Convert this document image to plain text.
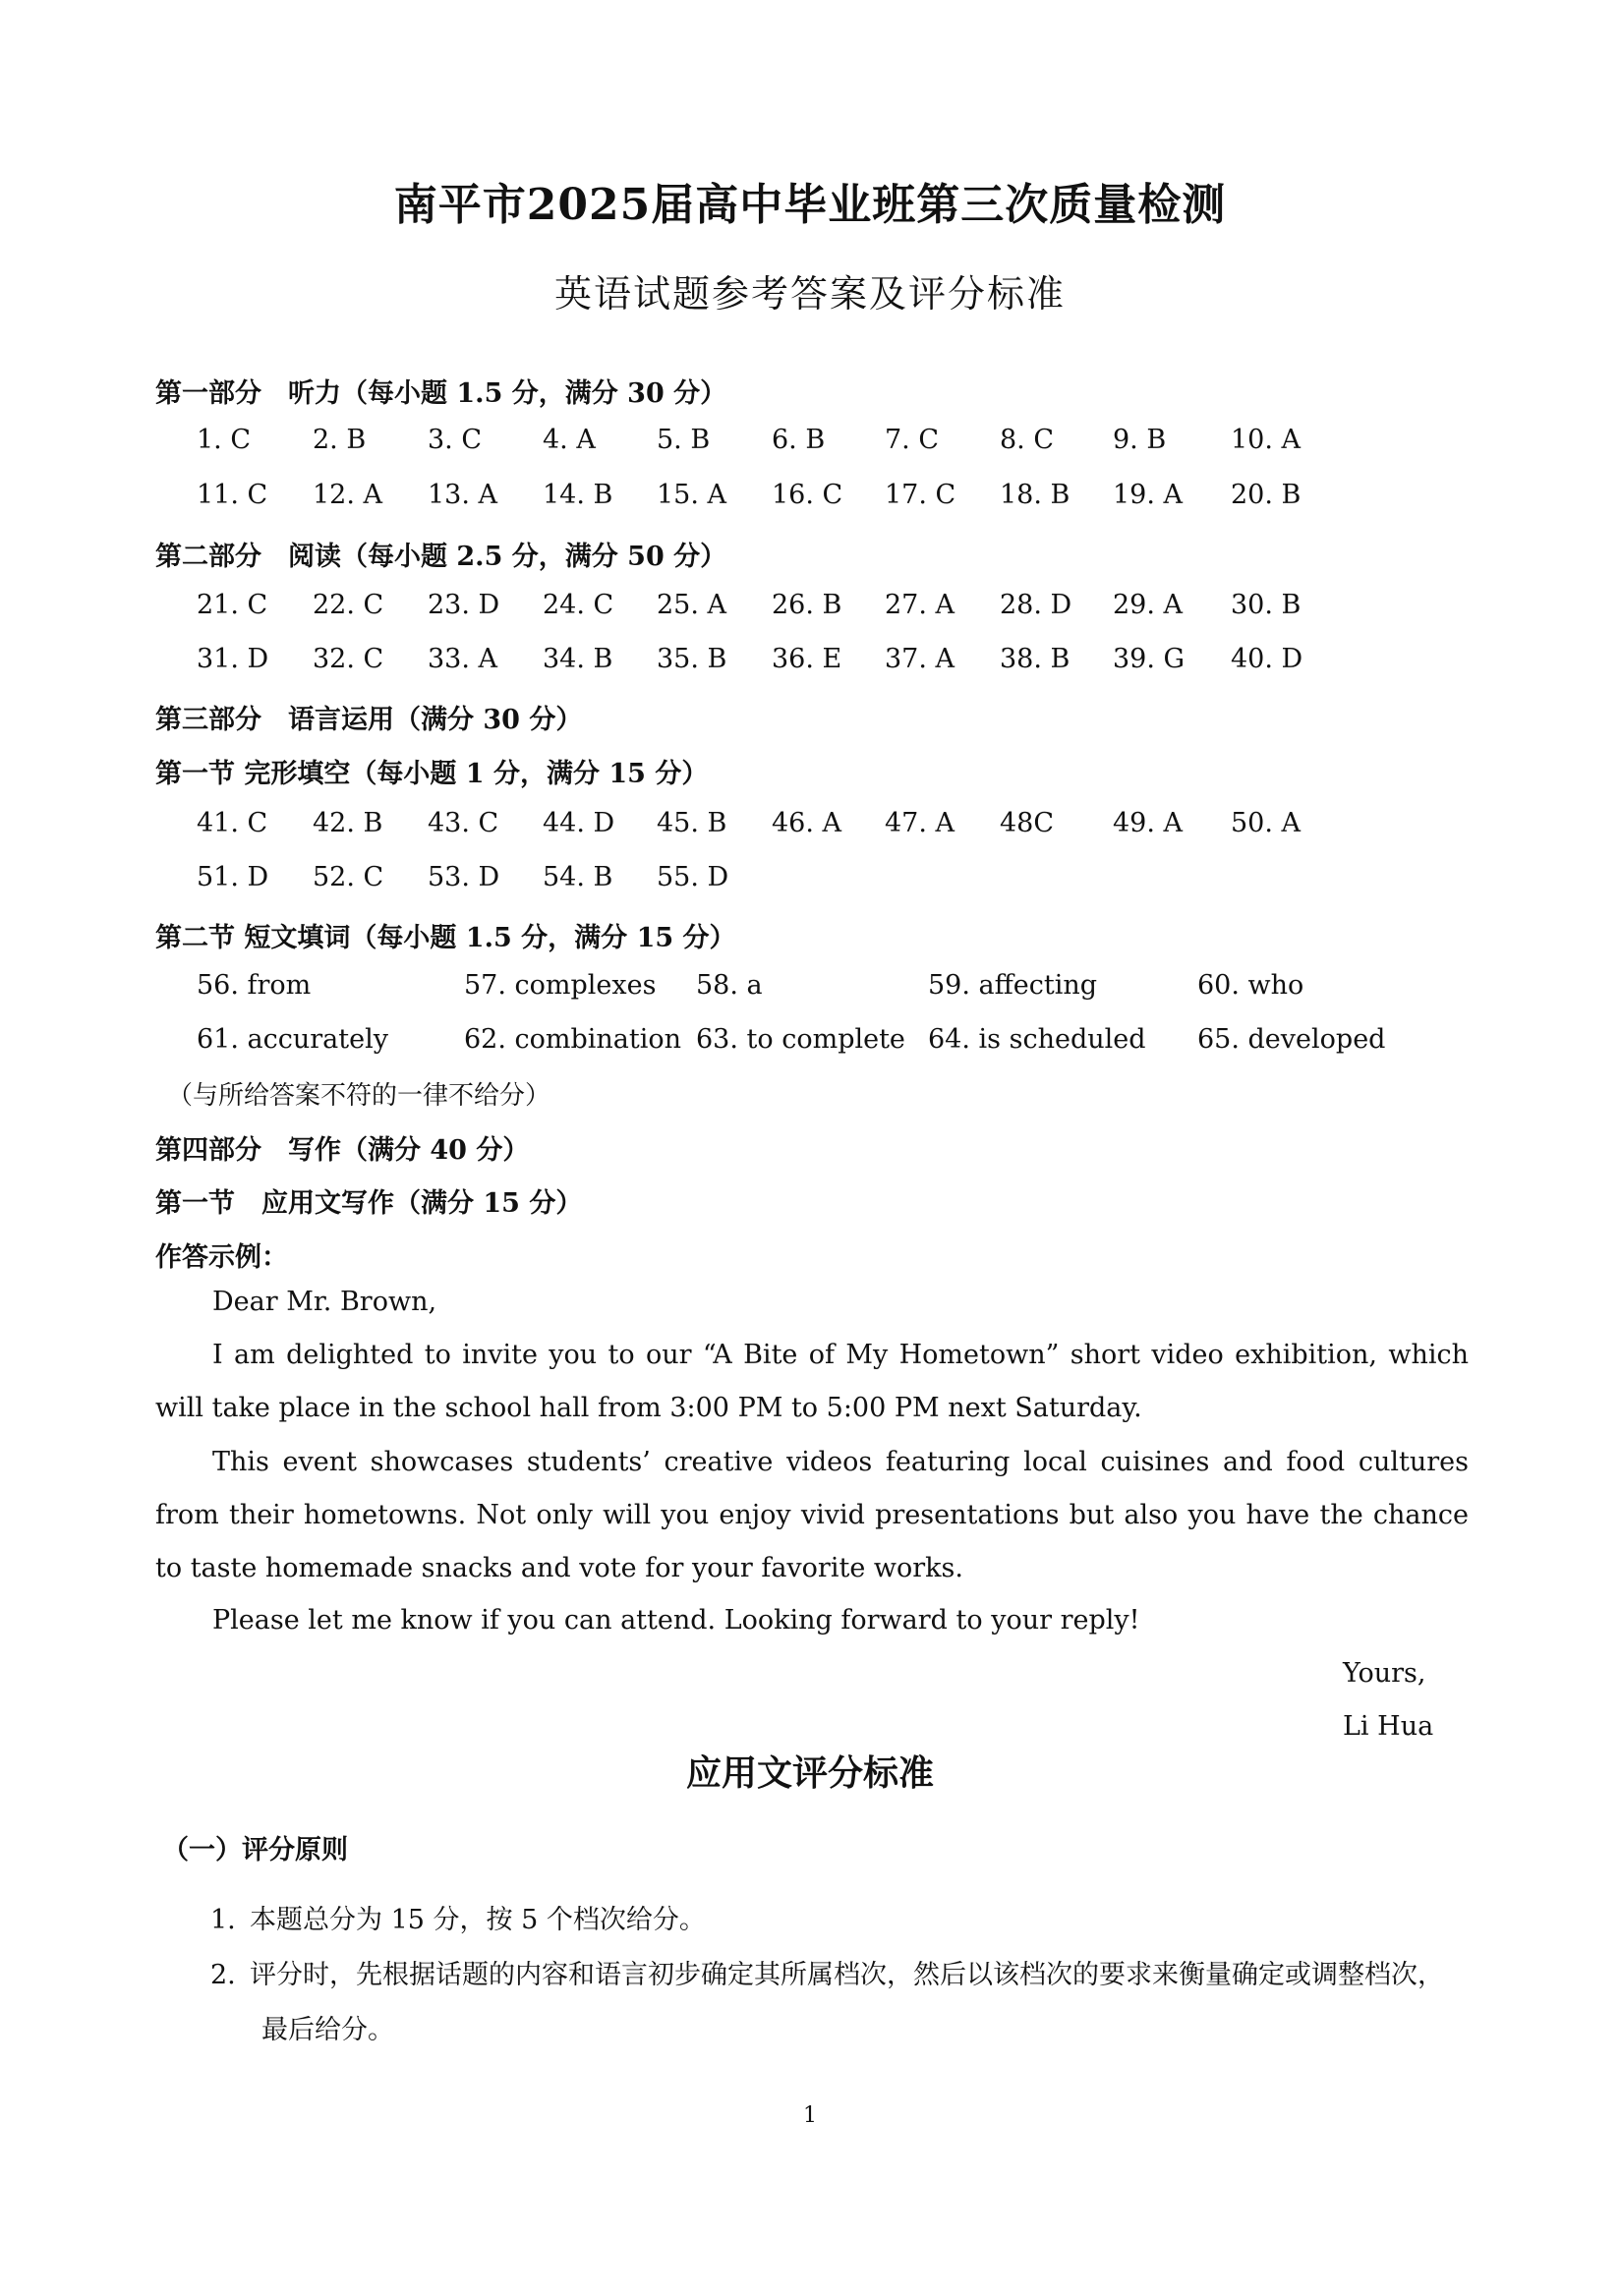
南平市2025届高中毕业班第三次质量检测
英语试题参考答案及评分标准
第一部分　听力（每小题 1.5 分，满分 30 分）
1. C 2. B 3. C 4. A 5. B 6. B 7. C 8. C 9. B 10. A
11. C 12. A 13. A 14. B 15. A 16. C 17. C 18. B 19. A 20. B
第二部分　阅读（每小题 2.5 分，满分 50 分）
21. C 22. C 23. D 24. C 25. A 26. B 27. A 28. D 29. A 30. B
31. D 32. C 33. A 34. B 35. B 36. E 37. A 38. B 39. G 40. D
第三部分　语言运用（满分 30 分）
第一节 完形填空（每小题 1 分，满分 15 分）
41. C 42. B 43. C 44. D 45. B 46. A 47. A 48C 49. A 50. A
51. D 52. C 53. D 54. B 55. D
第二节 短文填词（每小题 1.5 分，满分 15 分）
56. from	57. complexes 58. a	59. affecting	60. who
61. accurately	62. combination 63. to complete 64. is scheduled 65. developed
（与所给答案不符的一律不给分）
第四部分　写作（满分 40 分）
第一节　应用文写作（满分 15 分）
作答示例：
Dear Mr. Brown,
I am delighted to invite you to our “A Bite of My Hometown” short video exhibition, which will take place in the school hall from 3:00 PM to 5:00 PM next Saturday.
This event showcases students’ creative videos featuring local cuisines and food cultures from their hometowns. Not only will you enjoy vivid presentations but also you have the chance to taste homemade snacks and vote for your favorite works.
Please let me know if you can attend. Looking forward to your reply!
Yours,
Li Hua
应用文评分标准
（一）评分原则
1. 本题总分为 15 分，按 5 个档次给分。
2. 评分时，先根据话题的内容和语言初步确定其所属档次，然后以该档次的要求来衡量确定或调整档次，最后给分。
1
